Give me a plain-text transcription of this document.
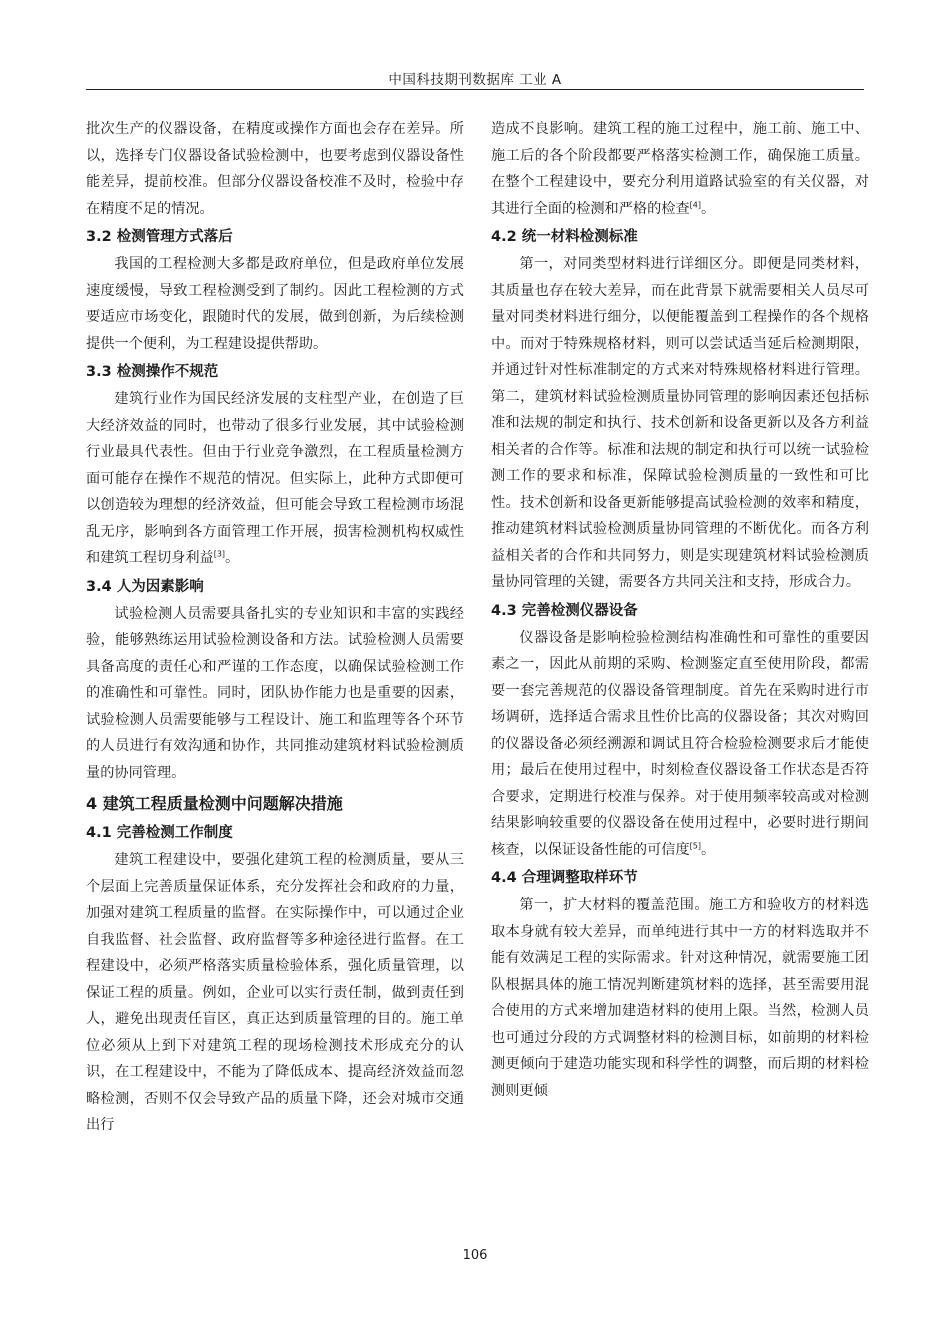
中国科技期刊数据库 工业 A

批次生产的仪器设备，在精度或操作方面也会存在差异。所以，选择专门仪器设备试验检测中，也要考虑到仪器设备性能差异，提前校准。但部分仪器设备校准不及时，检验中存在精度不足的情况。

3.2 检测管理方式落后

我国的工程检测大多都是政府单位，但是政府单位发展速度缓慢，导致工程检测受到了制约。因此工程检测的方式要适应市场变化，跟随时代的发展，做到创新，为后续检测提供一个便利，为工程建设提供帮助。

3.3 检测操作不规范

建筑行业作为国民经济发展的支柱型产业，在创造了巨大经济效益的同时，也带动了很多行业发展，其中试验检测行业最具代表性。但由于行业竞争激烈，在工程质量检测方面可能存在操作不规范的情况。但实际上，此种方式即便可以创造较为理想的经济效益，但可能会导致工程检测市场混乱无序，影响到各方面管理工作开展，损害检测机构权威性和建筑工程切身利益[3]。

3.4 人为因素影响

试验检测人员需要具备扎实的专业知识和丰富的实践经验，能够熟练运用试验检测设备和方法。试验检测人员需要具备高度的责任心和严谨的工作态度，以确保试验检测工作的准确性和可靠性。同时，团队协作能力也是重要的因素，试验检测人员需要能够与工程设计、施工和监理等各个环节的人员进行有效沟通和协作，共同推动建筑材料试验检测质量的协同管理。

4 建筑工程质量检测中问题解决措施
4.1 完善检测工作制度

建筑工程建设中，要强化建筑工程的检测质量，要从三个层面上完善质量保证体系，充分发挥社会和政府的力量，加强对建筑工程质量的监督。在实际操作中，可以通过企业自我监督、社会监督、政府监督等多种途径进行监督。在工程建设中，必须严格落实质量检验体系，强化质量管理，以保证工程的质量。例如，企业可以实行责任制，做到责任到人，避免出现责任盲区，真正达到质量管理的目的。施工单位必须从上到下对建筑工程的现场检测技术形成充分的认识，在工程建设中，不能为了降低成本、提高经济效益而忽略检测，否则不仅会导致产品的质量下降，还会对城市交通出行

造成不良影响。建筑工程的施工过程中，施工前、施工中、施工后的各个阶段都要严格落实检测工作，确保施工质量。在整个工程建设中，要充分利用道路试验室的有关仪器，对其进行全面的检测和严格的检查[4]。

4.2 统一材料检测标准

第一，对同类型材料进行详细区分。即便是同类材料，其质量也存在较大差异，而在此背景下就需要相关人员尽可量对同类材料进行细分，以便能覆盖到工程操作的各个规格中。而对于特殊规格材料，则可以尝试适当延后检测期限，并通过针对性标准制定的方式来对特殊规格材料进行管理。第二，建筑材料试验检测质量协同管理的影响因素还包括标准和法规的制定和执行、技术创新和设备更新以及各方利益相关者的合作等。标准和法规的制定和执行可以统一试验检测工作的要求和标准，保障试验检测质量的一致性和可比性。技术创新和设备更新能够提高试验检测的效率和精度，推动建筑材料试验检测质量协同管理的不断优化。而各方利益相关者的合作和共同努力，则是实现建筑材料试验检测质量协同管理的关键，需要各方共同关注和支持，形成合力。

4.3 完善检测仪器设备

仪器设备是影响检验检测结构准确性和可靠性的重要因素之一，因此从前期的采购、检测鉴定直至使用阶段，都需要一套完善规范的仪器设备管理制度。首先在采购时进行市场调研，选择适合需求且性价比高的仪器设备；其次对购回的仪器设备必须经溯源和调试且符合检验检测要求后才能使用；最后在使用过程中，时刻检查仪器设备工作状态是否符合要求，定期进行校准与保养。对于使用频率较高或对检测结果影响较重要的仪器设备在使用过程中，必要时进行期间核查，以保证设备性能的可信度[5]。

4.4 合理调整取样环节

第一，扩大材料的覆盖范围。施工方和验收方的材料选取本身就有较大差异，而单纯进行其中一方的材料选取并不能有效满足工程的实际需求。针对这种情况，就需要施工团队根据具体的施工情况判断建筑材料的选择，甚至需要用混合使用的方式来增加建造材料的使用上限。当然，检测人员也可通过分段的方式调整材料的检测目标，如前期的材料检测更倾向于建造功能实现和科学性的调整，而后期的材料检测则更倾

106
